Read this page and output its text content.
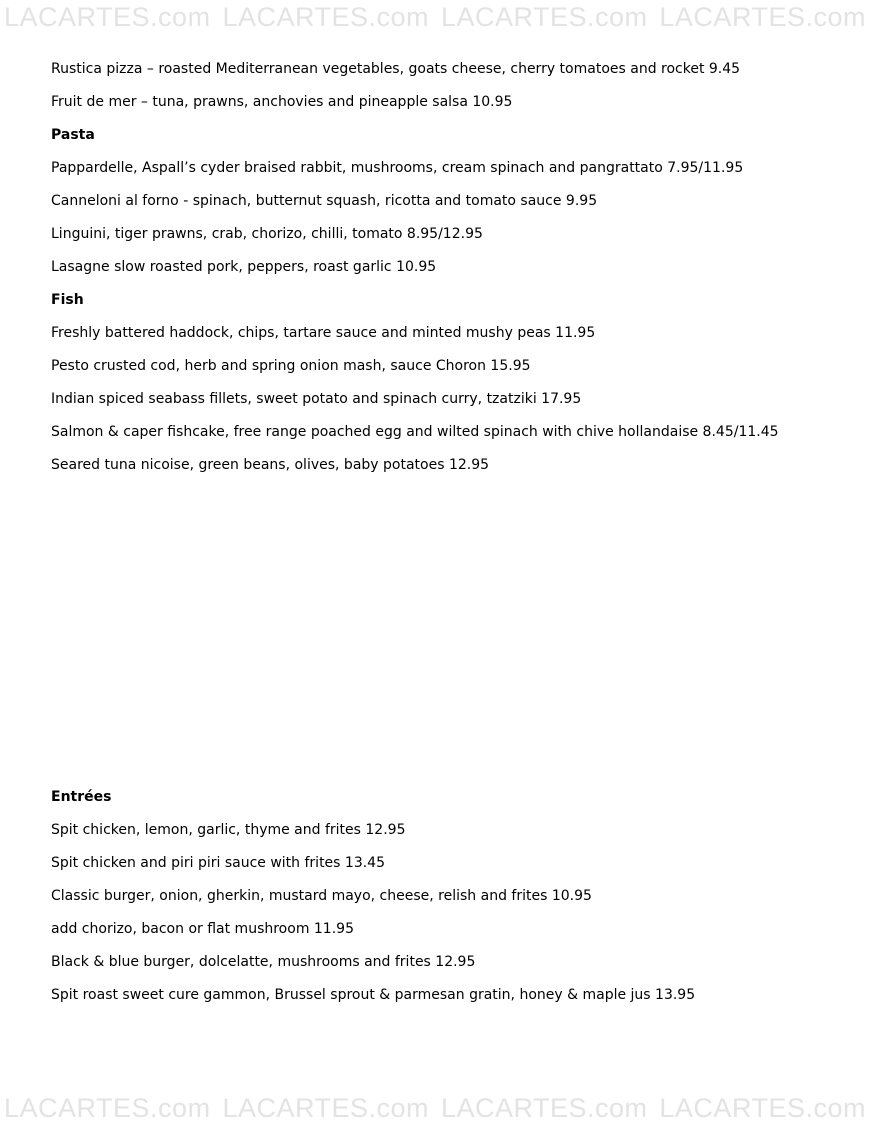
LACARTES.com LACARTES.com LACARTES.com LACARTES.com
LACARTES.com LACARTES.com LACARTES.com LACARTES.com
Rustica pizza – roasted Mediterranean vegetables, goats cheese, cherry tomatoes and rocket 9.45
Fruit de mer – tuna, prawns, anchovies and pineapple salsa 10.95
Pasta
Pappardelle, Aspall’s cyder braised rabbit, mushrooms, cream spinach and pangrattato 7.95/11.95
Canneloni al forno - spinach, butternut squash, ricotta and tomato sauce 9.95
Linguini, tiger prawns, crab, chorizo, chilli, tomato 8.95/12.95
Lasagne slow roasted pork, peppers, roast garlic 10.95
Fish
Freshly battered haddock, chips, tartare sauce and minted mushy peas 11.95
Pesto crusted cod, herb and spring onion mash, sauce Choron 15.95
Indian spiced seabass fillets, sweet potato and spinach curry, tzatziki 17.95
Salmon & caper fishcake, free range poached egg and wilted spinach with chive hollandaise 8.45/11.45
Seared tuna nicoise, green beans, olives, baby potatoes 12.95
Entrées
Spit chicken, lemon, garlic, thyme and frites 12.95
Spit chicken and piri piri sauce with frites 13.45
Classic burger, onion, gherkin, mustard mayo, cheese, relish and frites 10.95
add chorizo, bacon or flat mushroom 11.95
Black & blue burger, dolcelatte, mushrooms and frites 12.95
Spit roast sweet cure gammon, Brussel sprout & parmesan gratin, honey & maple jus 13.95
